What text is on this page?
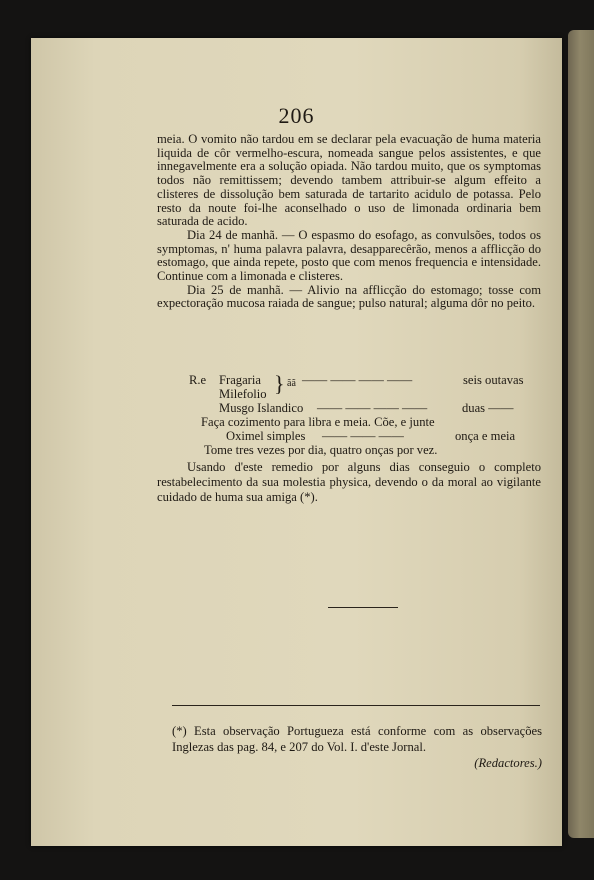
206

meia. O vomito não tardou em se declarar pela evacuação de huma materia liquida de côr vermelho-escura, nomeada sangue pelos assistentes, e que innegavelmente era a solução opiada. Não tardou muito, que os symptomas todos não remittissem; devendo tambem attribuir-se algum effeito a clisteres de dissolução bem saturada de tartarito acidulo de potassa. Pelo resto da noute foi-lhe aconselhado o uso de limonada ordinaria bem saturada de acido.

Dia 24 de manhã. — O espasmo do esofago, as convulsões, todos os symptomas, n' huma palavra palavra, desapparecêrão, menos a afflicção do estomago, que ainda repete, posto que com menos frequencia e intensidade. Continue com a limonada e clisteres.

Dia 25 de manhã. — Alivio na afflicção do estomago; tosse com expectoração mucosa raiada de sangue; pulso natural; alguma dôr no peito.

R.e Fragaria	ãã —— —— —— ——	seis outavas
}
Milefolio
Musgo Islandico —— —— —— ——	duas ——
Faça cozimento para libra e meia. Cõe, e junte
Oximel simples —— —— ——	onça e meia
Tome tres vezes por dia, quatro onças por vez.

Usando d'este remedio por alguns dias conseguio o completo restabelecimento da sua molestia physica, devendo o da moral ao vigilante cuidado de huma sua amiga (*).

(*) Esta observação Portugueza está conforme com as observações Inglezas das pag. 84, e 207 do Vol. I. d'este Jornal.
(Redactores.)
